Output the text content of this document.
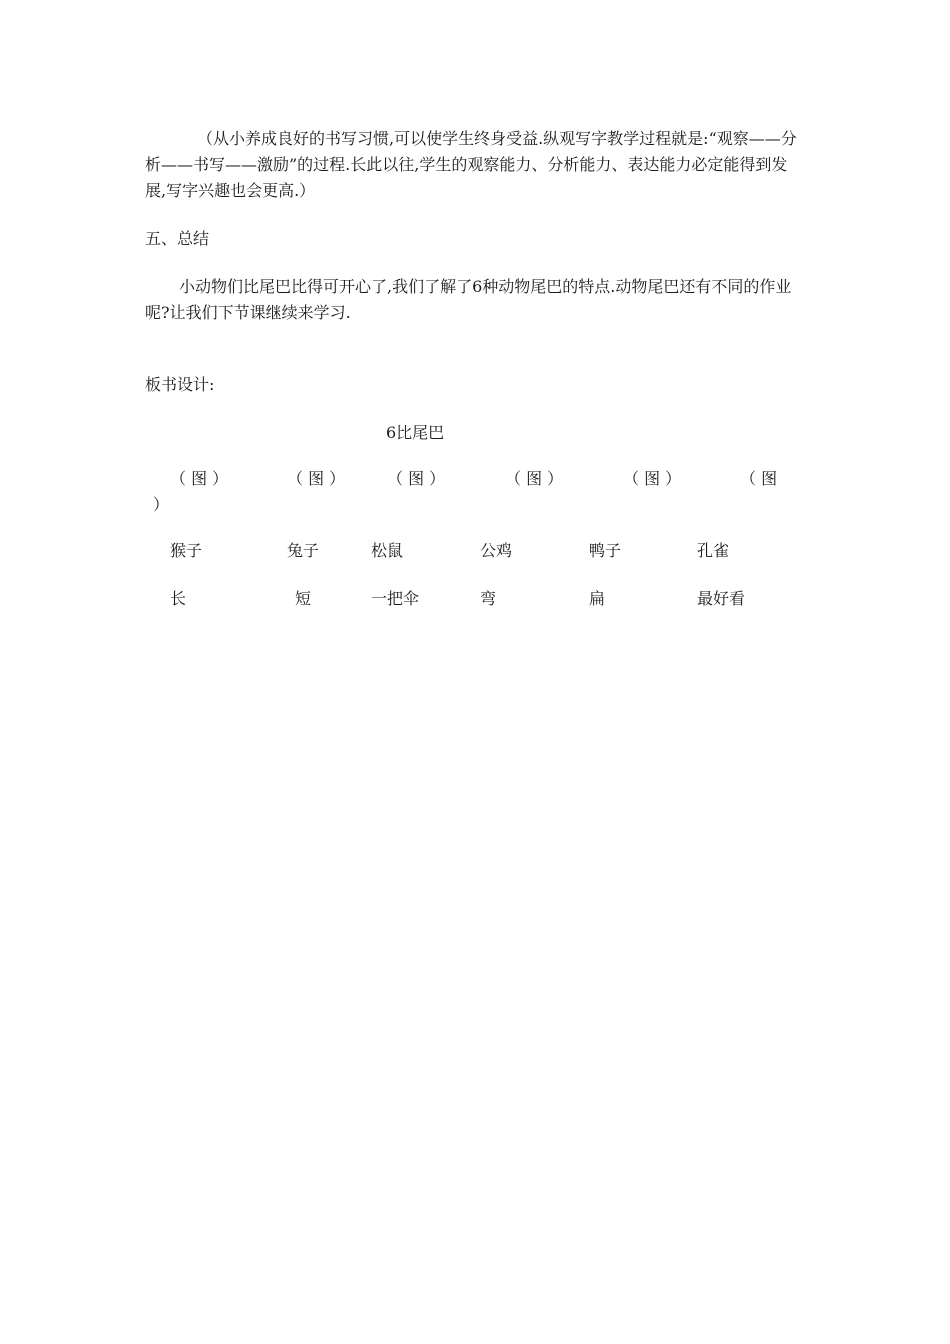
（从小养成良好的书写习惯,可以使学生终身受益.纵观写字教学过程就是:“观察——分析——书写——激励”的过程.长此以往,学生的观察能力、分析能力、表达能力必定能得到发展,写字兴趣也会更高.）

五、总结

小动物们比尾巴比得可开心了,我们了解了6种动物尾巴的特点.动物尾巴还有不同的作业呢?让我们下节课继续来学习.

板书设计:

6比尾巴

（ 图 ）	（ 图 ）	（ 图 ）	（ 图 ）	（ 图 ）	（ 图
）
猴子	兔子	松鼠	公鸡	鸭子	孔雀
长	短	一把伞	弯	扁	最好看
